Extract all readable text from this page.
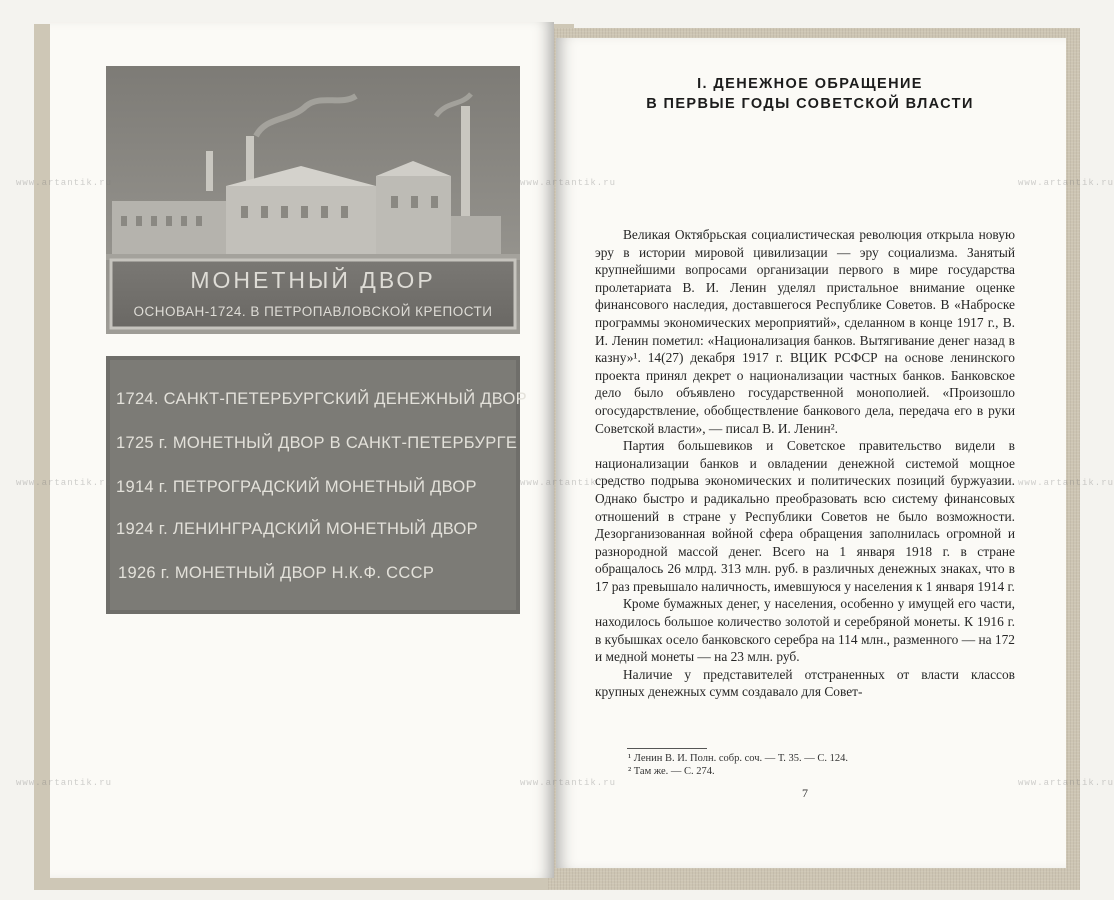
МОНЕТНЫЙ ДВОР
ОСНОВАН-1724. В ПЕТРОПАВЛОВСКОЙ КРЕПОСТИ
1724. САНКТ-ПЕТЕРБУРГСКИЙ ДЕНЕЖНЫЙ ДВОР
1725 г. МОНЕТНЫЙ ДВОР В САНКТ-ПЕТЕРБУРГЕ
1914 г. ПЕТРОГРАДСКИЙ МОНЕТНЫЙ ДВОР
1924 г. ЛЕНИНГРАДСКИЙ МОНЕТНЫЙ ДВОР
1926 г. МОНЕТНЫЙ ДВОР Н.К.Ф. СССР
www.artantik.ru	www.artantik.ru	www.artantik.ru
www.artantik.ru	www.artantik.ru	www.artantik.ru
www.artantik.ru	www.artantik.ru	www.artantik.ru
I. ДЕНЕЖНОЕ ОБРАЩЕНИЕ
В ПЕРВЫЕ ГОДЫ СОВЕТСКОЙ ВЛАСТИ

Великая Октябрьская социалистическая революция открыла новую эру в истории мировой цивилизации — эру социализма. Занятый крупнейшими вопросами организации первого в мире государства пролетариата В. И. Ленин уделял пристальное внимание оценке финансового наследия, доставшегося Республике Советов. В «Наброске программы экономических мероприятий», сделанном в конце 1917 г., В. И. Ленин пометил: «Национализация банков. Вытягивание денег назад в казну»¹. 14(27) декабря 1917 г. ВЦИК РСФСР на основе ленинского проекта принял декрет о национализации частных банков. Банковское дело было объявлено государственной монополией. «Произошло огосударствление, обобществление банкового дела, передача его в руки Советской власти», — писал В. И. Ленин².

Партия большевиков и Советское правительство видели в национализации банков и овладении денежной системой мощное средство подрыва экономических и политических позиций буржуазии. Однако быстро и радикально преобразовать всю систему финансовых отношений в стране у Республики Советов не было возможности. Дезорганизованная войной сфера обращения заполнилась огромной и разнородной массой денег. Всего на 1 января 1918 г. в стране обращалось 26 млрд. 313 млн. руб. в различных денежных знаках, что в 17 раз превышало наличность, имевшуюся у населения к 1 января 1914 г.

Кроме бумажных денег, у населения, особенно у имущей его части, находилось большое количество золотой и серебряной монеты. К 1916 г. в кубышках осело банковского серебра на 114 млн., разменного — на 172 и медной монеты — на 23 млн. руб.

Наличие у представителей отстраненных от власти классов крупных денежных сумм создавало для Совет-

¹ Ленин В. И. Полн. собр. соч. — Т. 35. — С. 124.
² Там же. — С. 274.
7
